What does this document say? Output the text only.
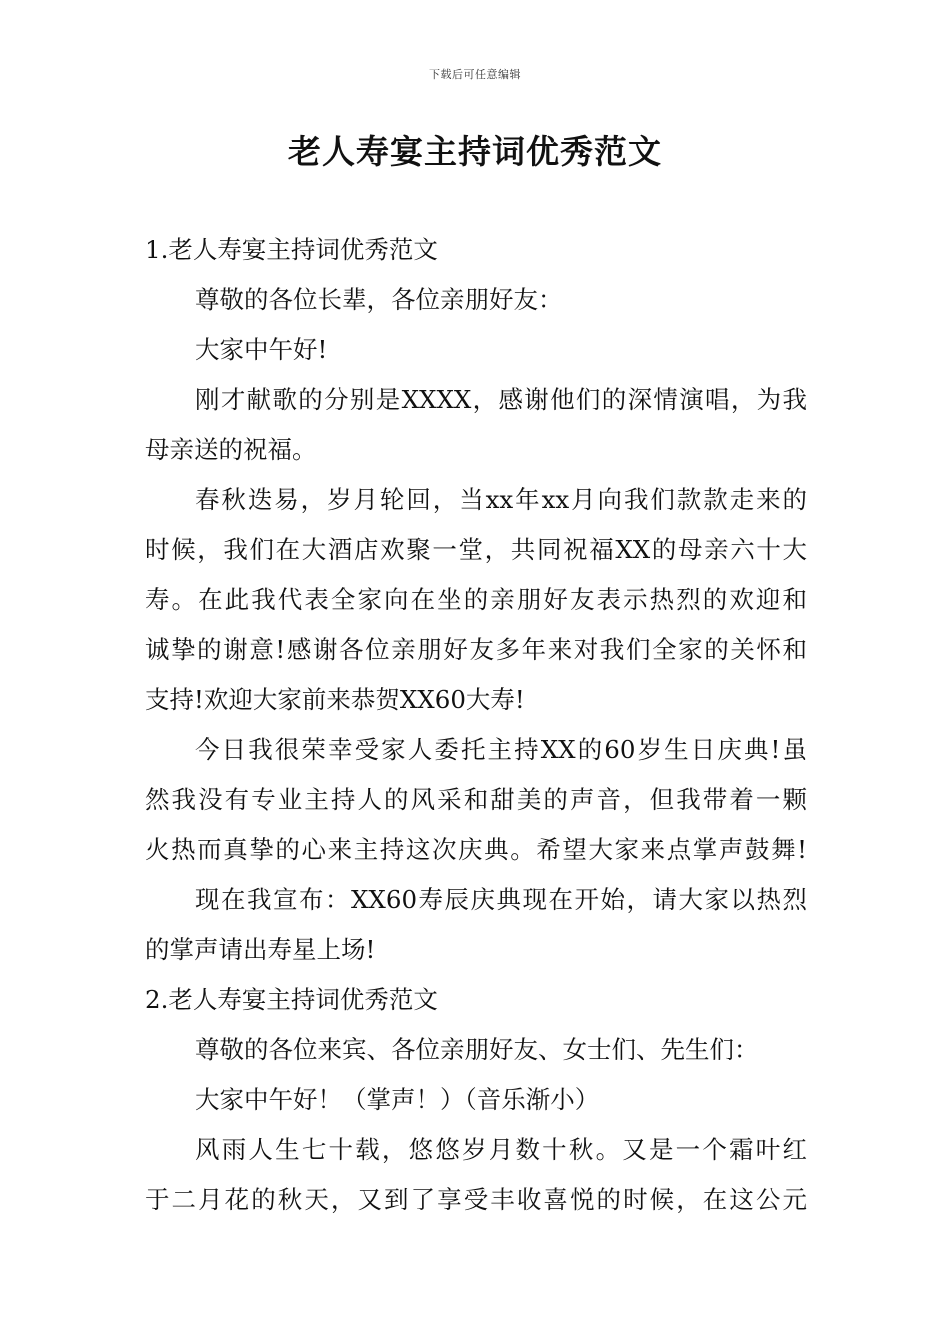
下载后可任意编辑
老人寿宴主持词优秀范文
1.老人寿宴主持词优秀范文
尊敬的各位长辈，各位亲朋好友：
大家中午好!
刚才献歌的分别是XXXX，感谢他们的深情演唱，为我
母亲送的祝福。
春秋迭易，岁月轮回，当xx年xx月向我们款款走来的
时候，我们在大酒店欢聚一堂，共同祝福XX的母亲六十大
寿。在此我代表全家向在坐的亲朋好友表示热烈的欢迎和
诚挚的谢意!感谢各位亲朋好友多年来对我们全家的关怀和
支持!欢迎大家前来恭贺XX60大寿!
今日我很荣幸受家人委托主持XX的60岁生日庆典!虽
然我没有专业主持人的风采和甜美的声音，但我带着一颗
火热而真挚的心来主持这次庆典。希望大家来点掌声鼓舞!
现在我宣布：XX60寿辰庆典现在开始，请大家以热烈
的掌声请出寿星上场!
2.老人寿宴主持词优秀范文
尊敬的各位来宾、各位亲朋好友、女士们、先生们：
大家中午好！（掌声！）（音乐渐小）
风雨人生七十载，悠悠岁月数十秋。又是一个霜叶红
于二月花的秋天，又到了享受丰收喜悦的时候，在这公元
